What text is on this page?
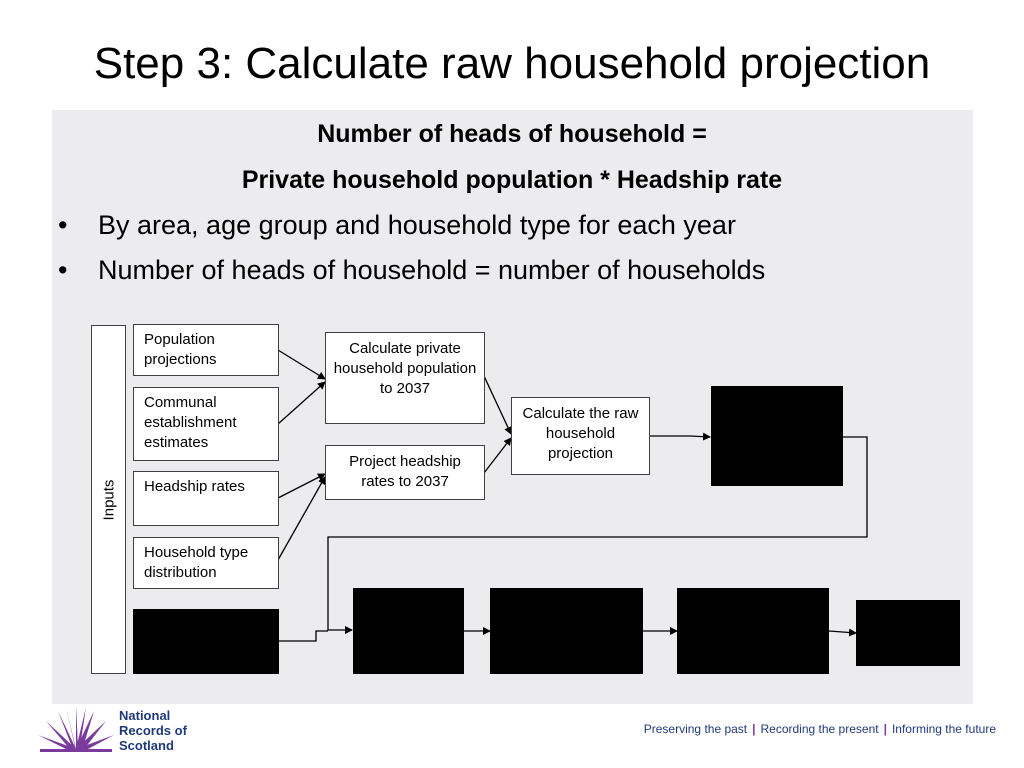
Step 3: Calculate raw household projection
Number of heads of household =
Private household population * Headship rate
• By area, age group and household type for each year
• Number of heads of household = number of households
Inputs
Population projections
Communal establishment estimates
Headship rates
Household type distribution
Calculate private household population to 2037
Project headship rates to 2037
Calculate the raw household projection
National
Records of
Scotland
Preserving the past | Recording the present | Informing the future
